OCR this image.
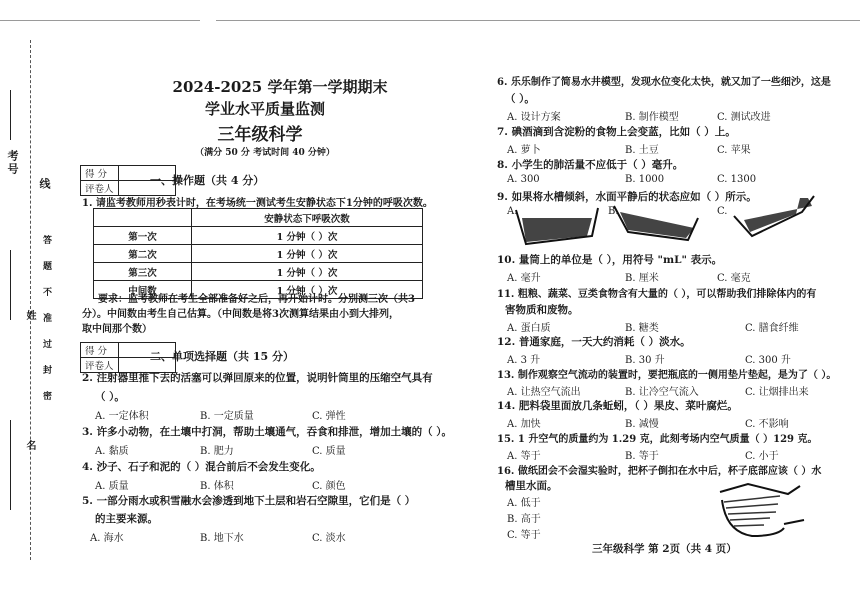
考号
线
答
题
不
准
过
封
密
姓
名
2024-2025 学年第一学期期末
学业水平质量监测
三年级科学
（满分 50 分 考试时间 40 分钟）
得 分	
评卷人	
一、操作题（共 4 分）
1. 请监考教师用秒表计时，在考场统一测试考生安静状态下1分钟的呼吸次数。
	安静状态下呼吸次数
第一次	1 分钟（ ）次
第二次	1 分钟（ ）次
第三次	1 分钟（ ）次
中间数	1 分钟（ ）次
要求：监考教师在考生全部准备好之后，再开始计时。分别测三次（共3
分）。中间数由考生自己估算。（中间数是将3次测算结果由小到大排列，
取中间那个数）
得 分	
评卷人	
二、单项选择题（共 15 分）
2. 注射器里推下去的活塞可以弹回原来的位置，说明针筒里的压缩空气具有
（ ）。
A. 一定体积	B. 一定质量	C. 弹性
3. 许多小动物，在土壤中打洞，帮助土壤通气，吞食和排泄，增加土壤的（ ）。
A. 黏质	B. 肥力	C. 质量
4. 沙子、石子和泥的（ ）混合前后不会发生变化。
A. 质量	B. 体积	C. 颜色
5. 一部分雨水或积雪融水会渗透到地下土层和岩石空隙里，它们是（ ）
的主要来源。
A. 海水	B. 地下水	C. 淡水
6. 乐乐制作了简易水井模型，发现水位变化太快，就又加了一些细沙，这是
（ ）。
A. 设计方案	B. 制作模型	C. 测试改进
7. 碘酒滴到含淀粉的食物上会变蓝，比如（ ）上。
A. 萝卜	B. 土豆	C. 苹果
8. 小学生的肺活量不应低于（ ）毫升。
A. 300	B. 1000	C. 1300
9. 如果将水槽倾斜，水面平静后的状态应如（ ）所示。
A.	B.	C.
10. 量筒上的单位是（ ），用符号 "mL" 表示。
A. 毫升	B. 厘米	C. 毫克
11. 粗粮、蔬菜、豆类食物含有大量的（ ），可以帮助我们排除体内的有
害物质和废物。
A. 蛋白质	B. 糖类	C. 膳食纤维
12. 普通家庭，一天大约消耗（ ）淡水。
A. 3 升	B. 30 升	C. 300 升
13. 制作观察空气流动的装置时，要把瓶底的一侧用垫片垫起，是为了（ ）。
A. 让热空气流出	B. 让冷空气流入	C. 让烟排出来
14. 肥料袋里面放几条蚯蚓，（ ）果皮、菜叶腐烂。
A. 加快	B. 减慢	C. 不影响
15. 1 升空气的质量约为 1.29 克，此刻考场内空气质量（ ）129 克。
A. 等于	B. 等于	C. 小于
16. 做纸团会不会湿实验时，把杯子倒扣在水中后，杯子底部应该（ ）水
槽里水面。
A. 低于
B. 高于
C. 等于
三年级科学 第 2页（共 4 页）
